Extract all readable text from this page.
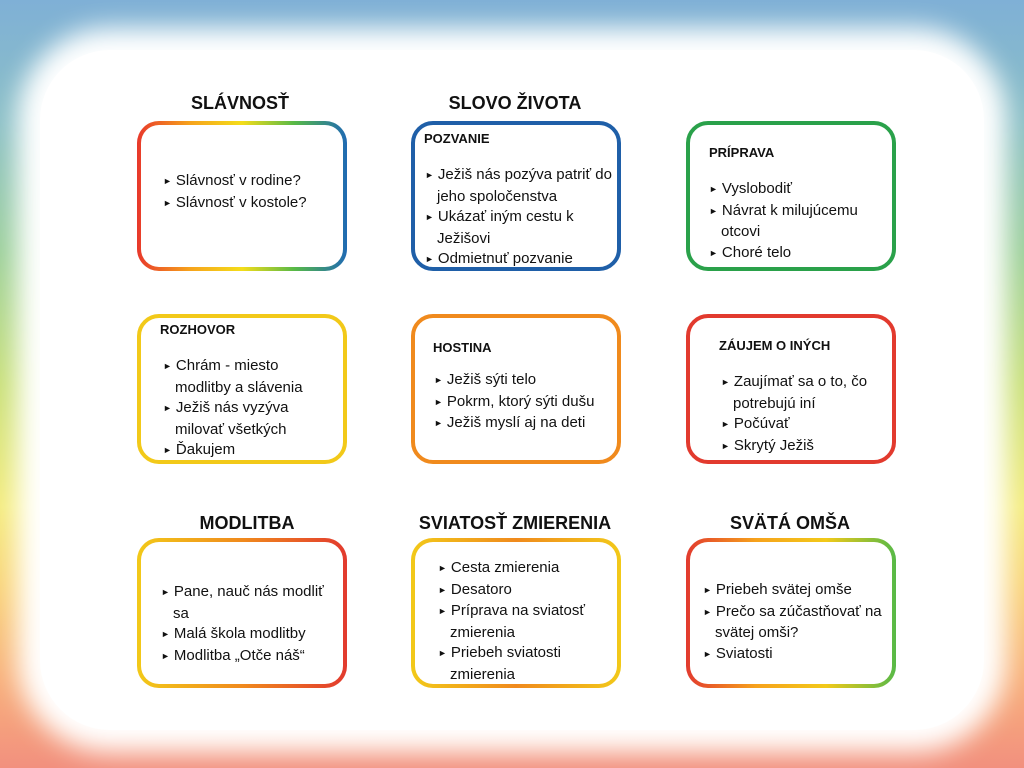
SLÁVNOSŤ	SLOVO ŽIVOTA
► Slávnosť v rodine?
► Slávnosť v kostole?
POZVANIE
► Ježiš nás pozýva patriť do jeho spoločenstva
► Ukázať iným cestu k Ježišovi
► Odmietnuť pozvanie
PRÍPRAVA
► Vyslobodiť
► Návrat k milujúcemu otcovi
► Choré telo
ROZHOVOR
► Chrám - miesto modlitby a slávenia
► Ježiš nás vyzýva milovať všetkých
► Ďakujem
HOSTINA
► Ježiš sýti telo
► Pokrm, ktorý sýti dušu
► Ježiš myslí aj na deti
ZÁUJEM O INÝCH
► Zaujímať sa o to, čo potrebujú iní
► Počúvať
► Skrytý Ježiš
MODLITBA	SVIATOSŤ ZMIERENIA	SVÄTÁ OMŠA
► Pane, nauč nás modliť sa
► Malá škola modlitby
► Modlitba „Otče náš“
► Cesta zmierenia
► Desatoro
► Príprava na sviatosť zmierenia
► Priebeh sviatosti zmierenia
► Priebeh svätej omše
► Prečo sa zúčastňovať na svätej omši?
► Sviatosti
